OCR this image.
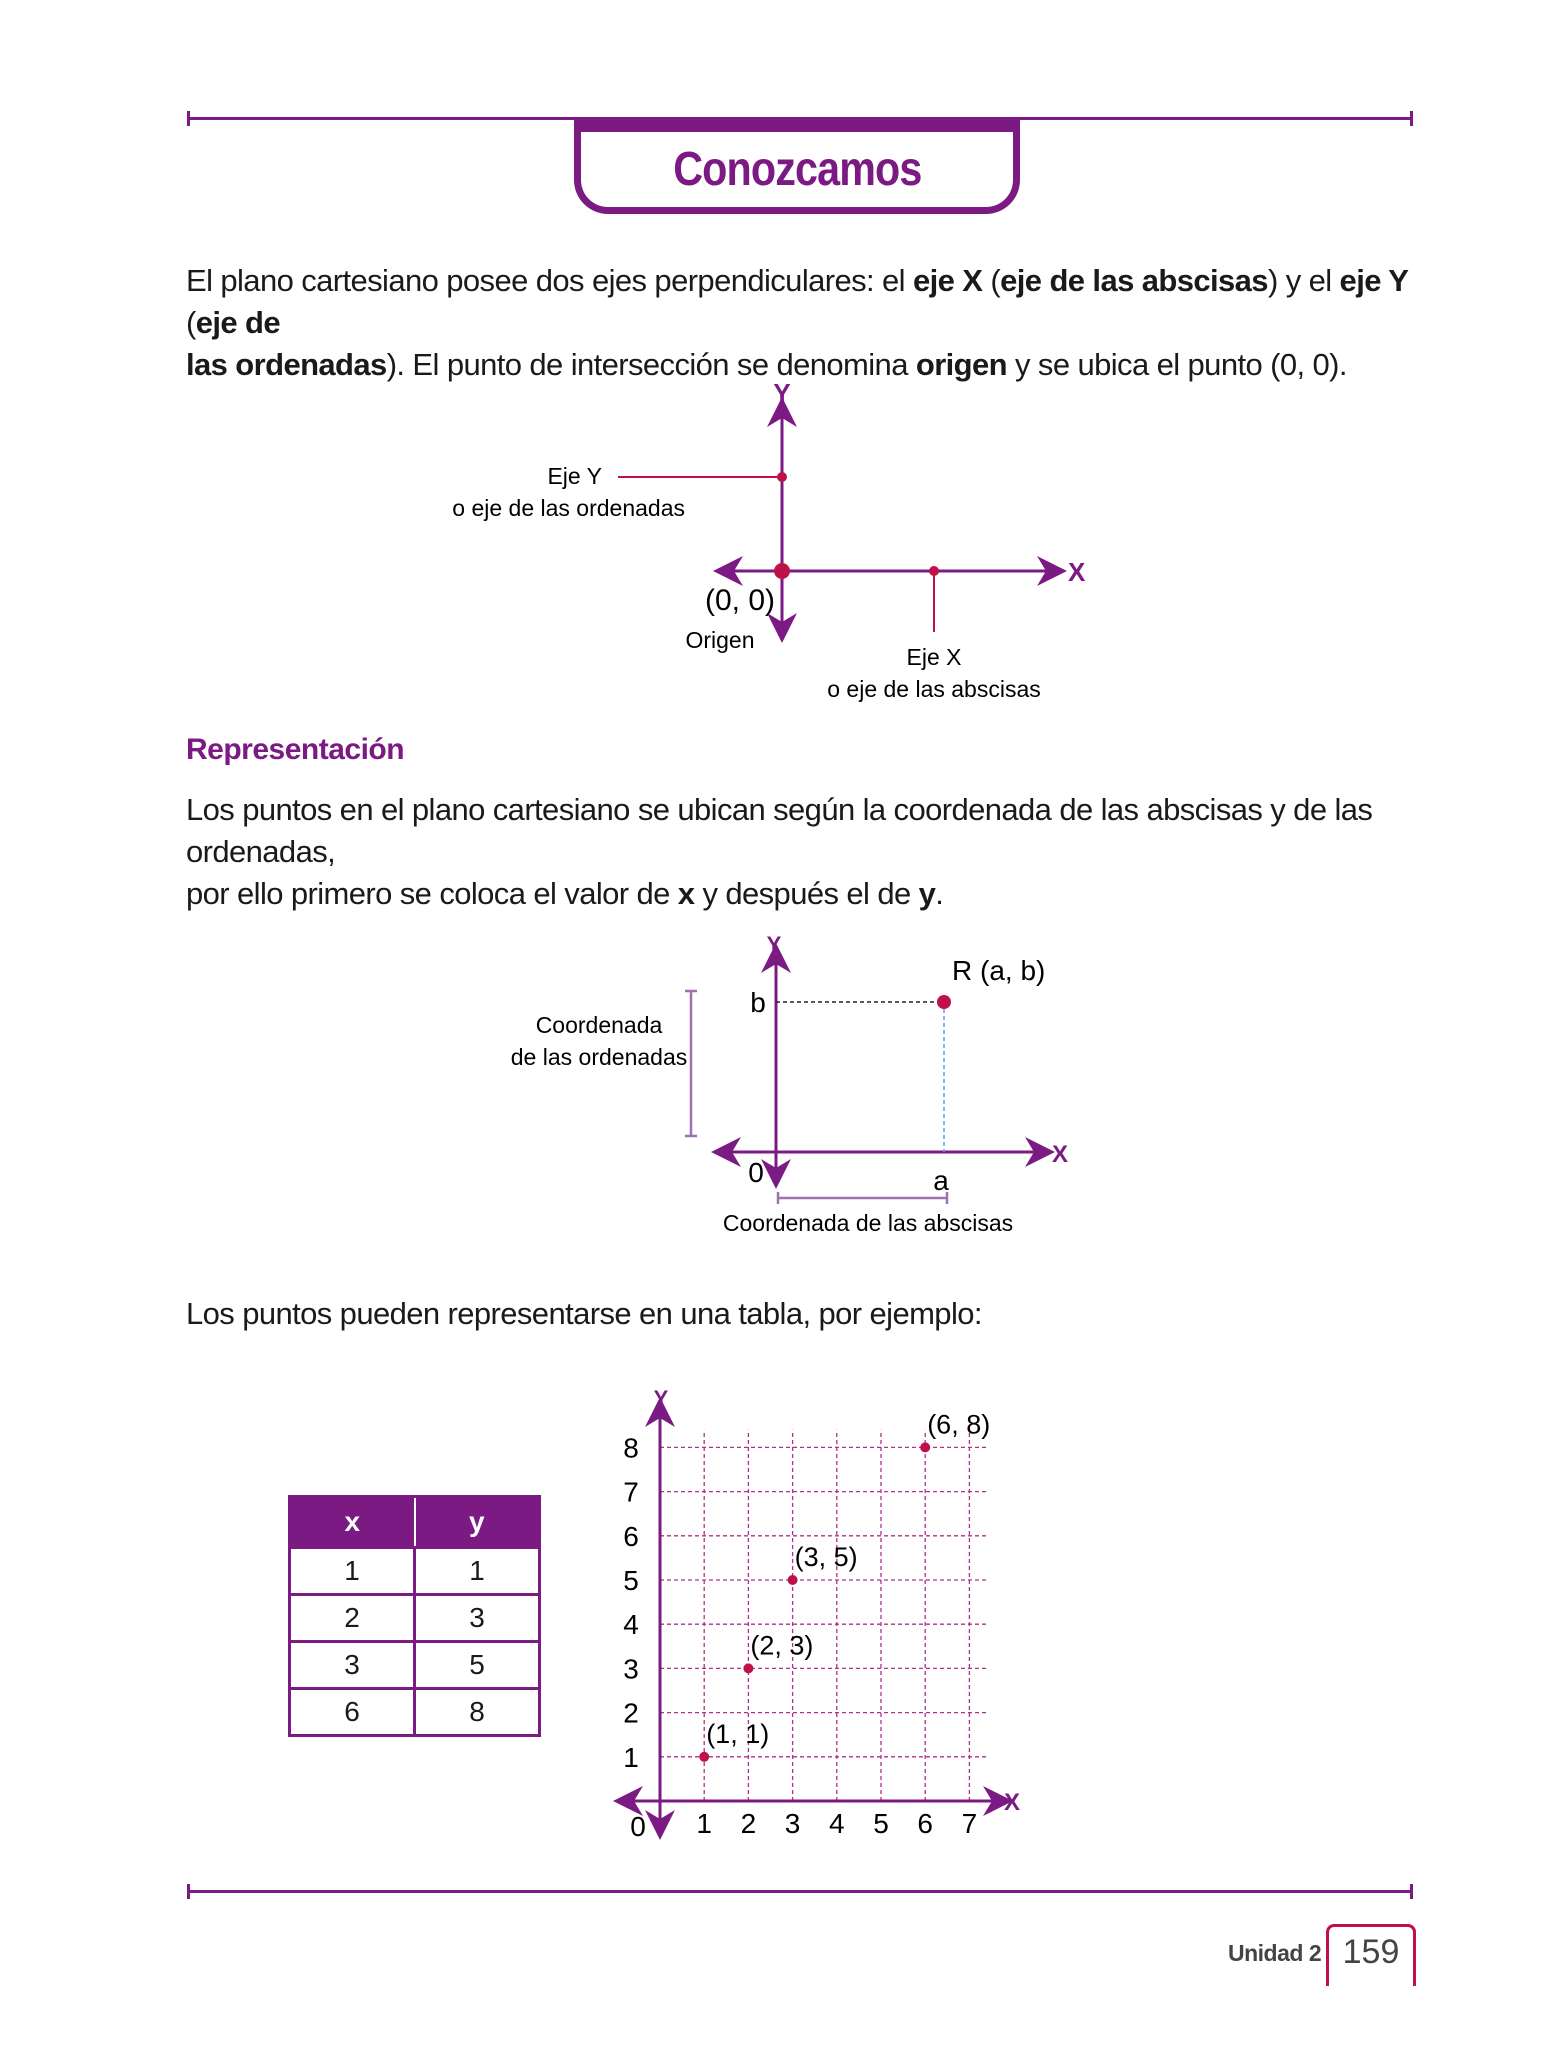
Conozcamos
El plano cartesiano posee dos ejes perpendiculares: el eje X (eje de las abscisas) y el eje Y (eje de
las ordenadas). El punto de intersección se denomina origen y se ubica el punto (0, 0).
Y
X
Eje Y
o eje de las ordenadas
(0, 0)
Origen
Eje X
o eje de las abscisas
Representación
Los puntos en el plano cartesiano se ubican según la coordenada de las abscisas y de las ordenadas,
por ello primero se coloca el valor de x y después el de y.
Y
X
R (a, b)
b
a
0
Coordenada
de las ordenadas
Coordenada de las abscisas
Los puntos pueden representarse en una tabla, por ejemplo:
x	y
1	1
2	3
3	5
6	8
Y
X
0 1 2 3 4 5 6 7
1
2
3
4
5
6
7
8
(1, 1)
(2, 3)
(3, 5)
(6, 8)
Unidad 2 159
